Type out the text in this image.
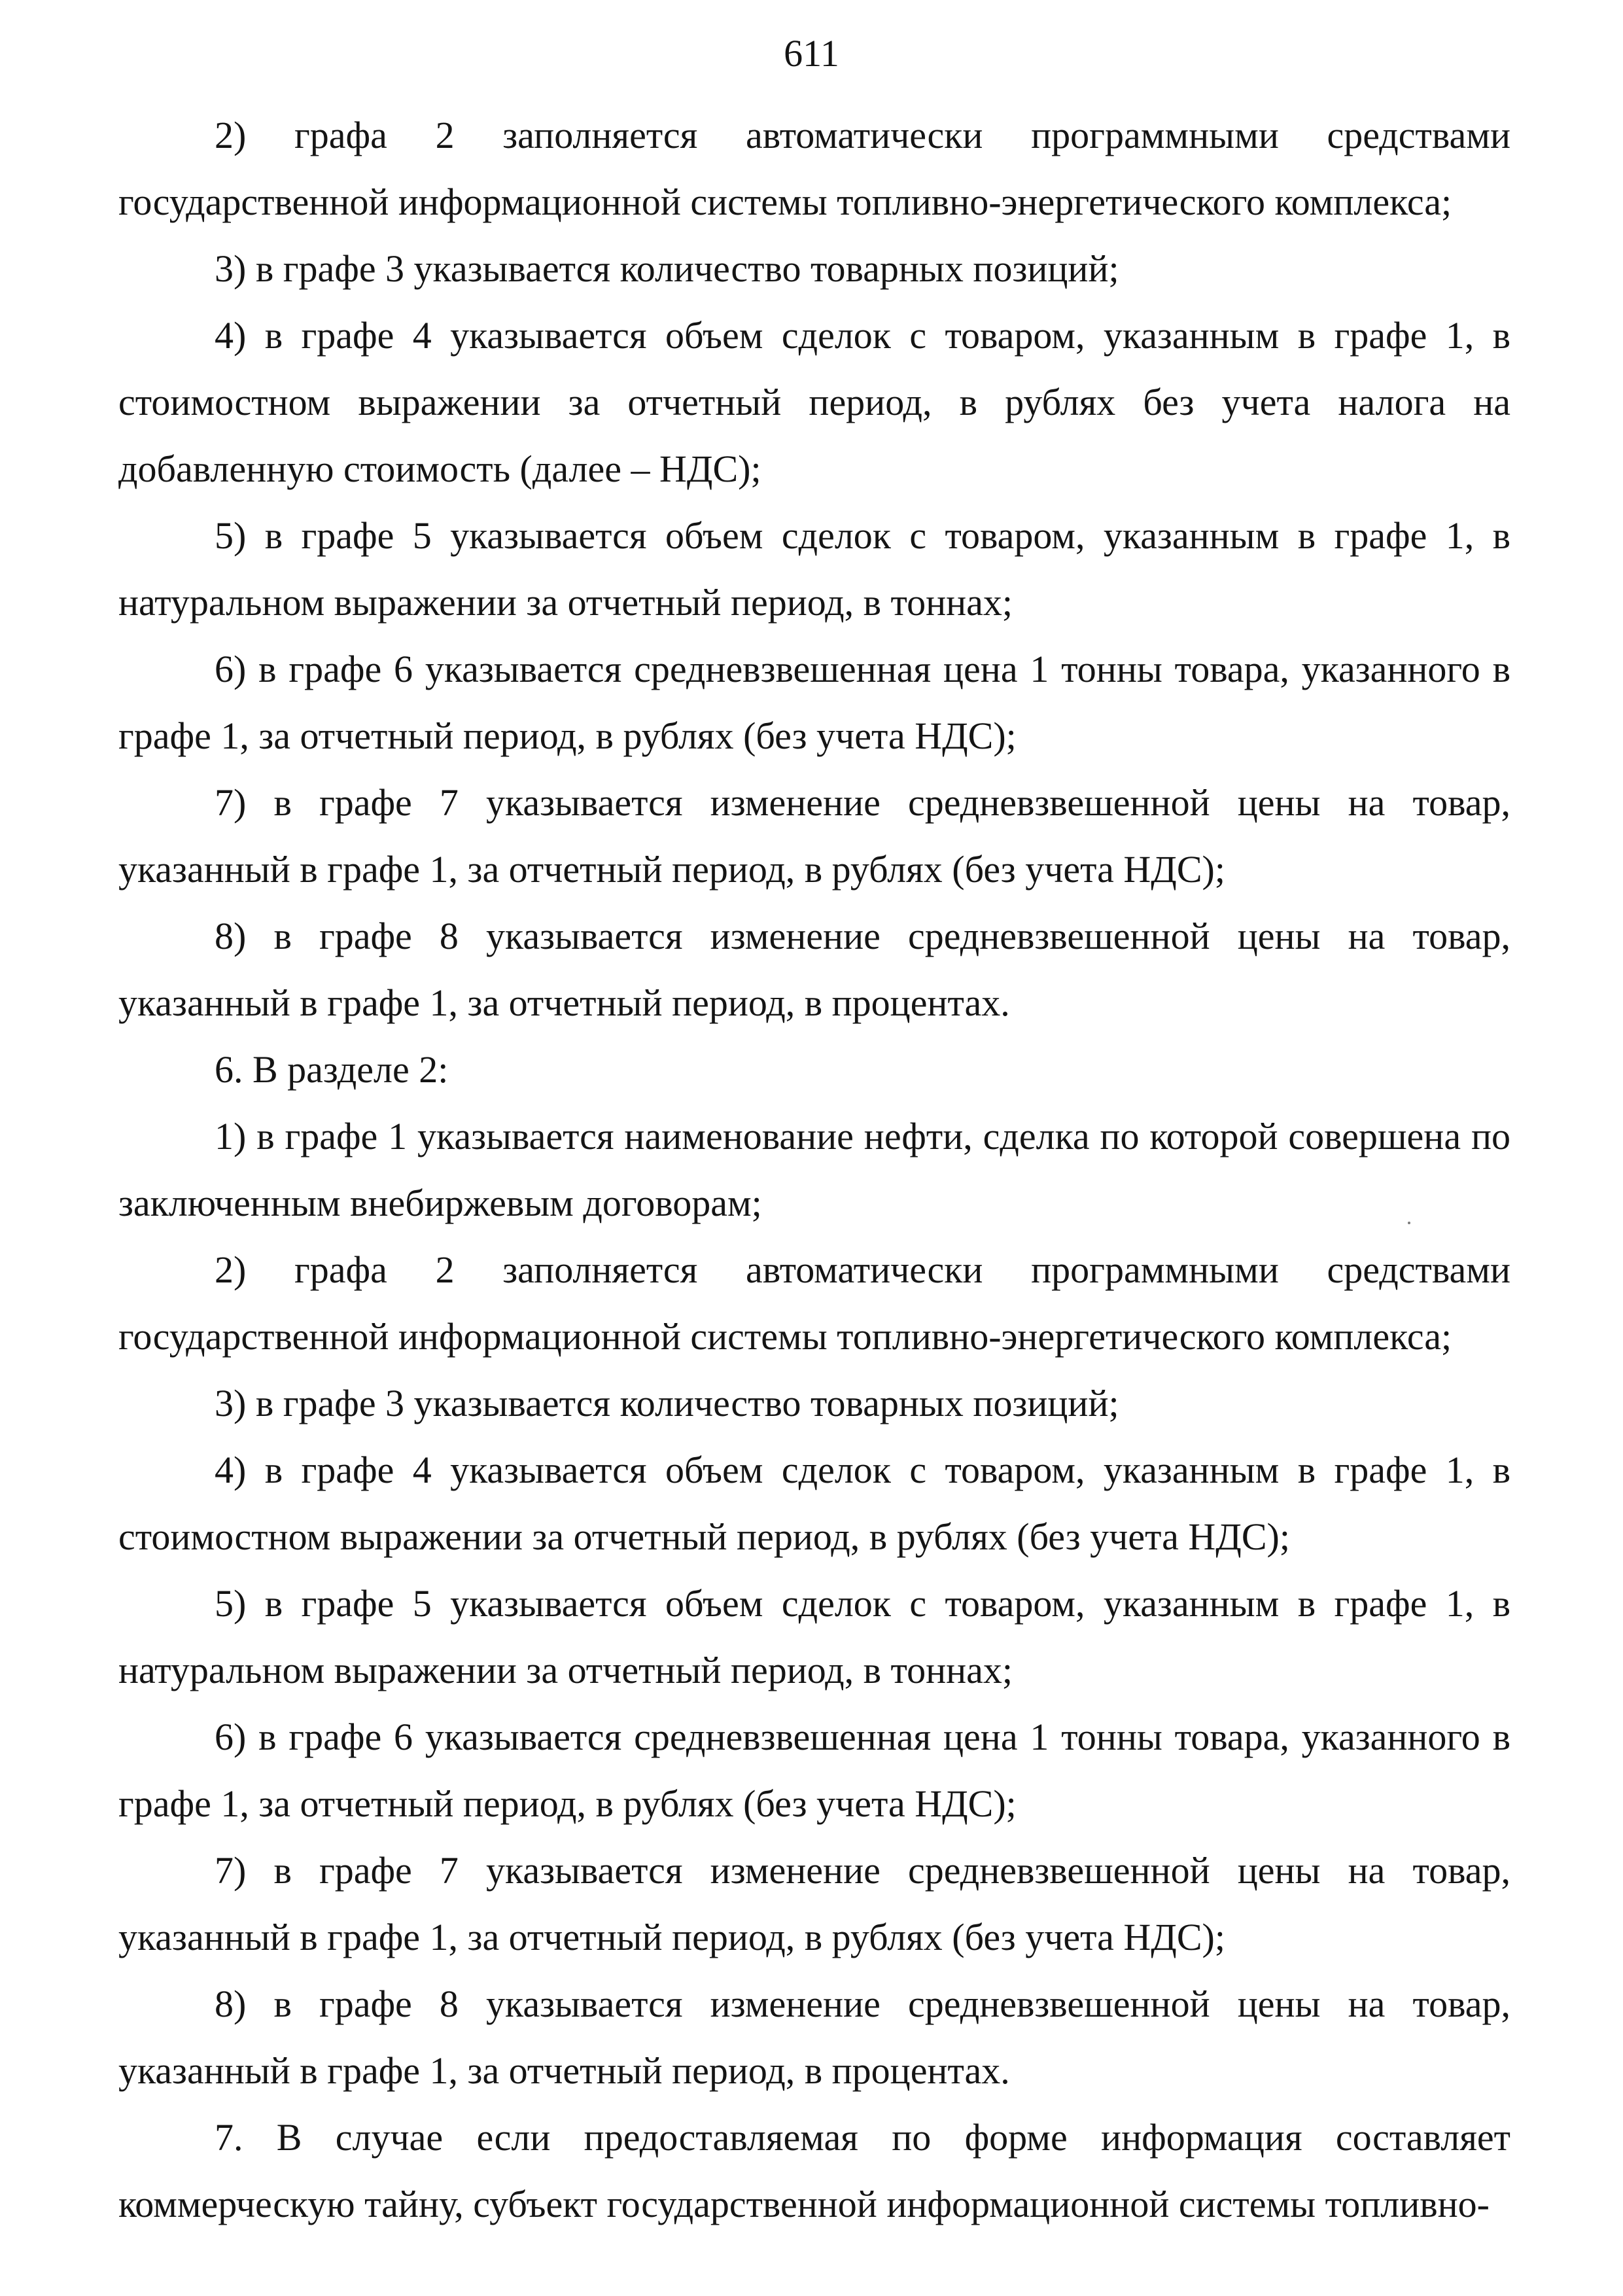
611

2) графа 2 заполняется автоматически программными средствами государственной информационной системы топливно-энергетического комплекса;

3) в графе 3 указывается количество товарных позиций;

4) в графе 4 указывается объем сделок с товаром, указанным в графе 1, в стоимостном выражении за отчетный период, в рублях без учета налога на добавленную стоимость (далее – НДС);

5) в графе 5 указывается объем сделок с товаром, указанным в графе 1, в натуральном выражении за отчетный период, в тоннах;

6) в графе 6 указывается средневзвешенная цена 1 тонны товара, указанного в графе 1, за отчетный период, в рублях (без учета НДС);

7) в графе 7 указывается изменение средневзвешенной цены на товар, указанный в графе 1, за отчетный период, в рублях (без учета НДС);

8) в графе 8 указывается изменение средневзвешенной цены на товар, указанный в графе 1, за отчетный период, в процентах.

6. В разделе 2:

1) в графе 1 указывается наименование нефти, сделка по которой совершена по заключенным внебиржевым договорам;

2) графа 2 заполняется автоматически программными средствами государственной информационной системы топливно-энергетического комплекса;

3) в графе 3 указывается количество товарных позиций;

4) в графе 4 указывается объем сделок с товаром, указанным в графе 1, в стоимостном выражении за отчетный период, в рублях (без учета НДС);

5) в графе 5 указывается объем сделок с товаром, указанным в графе 1, в натуральном выражении за отчетный период, в тоннах;

6) в графе 6 указывается средневзвешенная цена 1 тонны товара, указанного в графе 1, за отчетный период, в рублях (без учета НДС);

7) в графе 7 указывается изменение средневзвешенной цены на товар, указанный в графе 1, за отчетный период, в рублях (без учета НДС);

8) в графе 8 указывается изменение средневзвешенной цены на товар, указанный в графе 1, за отчетный период, в процентах.

7. В случае если предоставляемая по форме информация составляет коммерческую тайну, субъект государственной информационной системы топливно-
